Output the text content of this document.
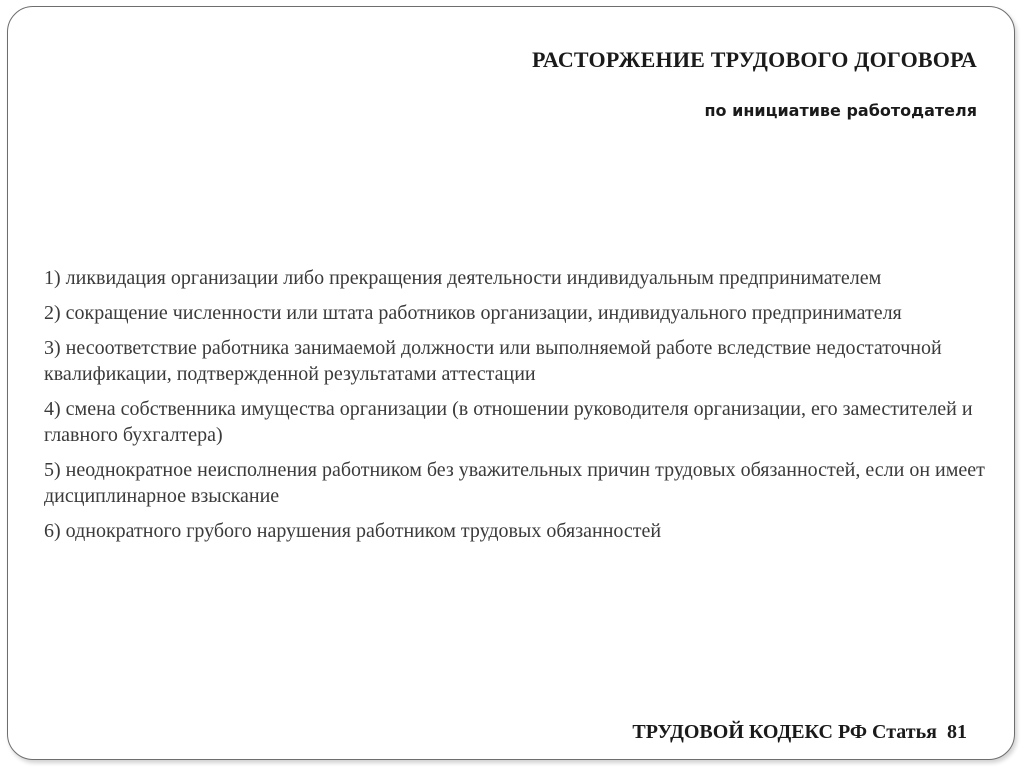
РАСТОРЖЕНИЕ ТРУДОВОГО ДОГОВОРА
по инициативе работодателя
1) ликвидация организации либо прекращения деятельности индивидуальным предпринимателем
2) сокращение численности или штата работников организации, индивидуального предпринимателя
3) несоответствие работника занимаемой должности или выполняемой работе вследствие недостаточной квалификации, подтвержденной результатами аттестации
4) смена собственника имущества организации (в отношении руководителя организации, его заместителей и главного бухгалтера)
5) неоднократное неисполнения работником без уважительных причин трудовых обязанностей, если он имеет дисциплинарное взыскание
6) однократного грубого нарушения работником трудовых обязанностей

ТРУДОВОЙ КОДЕКС РФ Статья  81
